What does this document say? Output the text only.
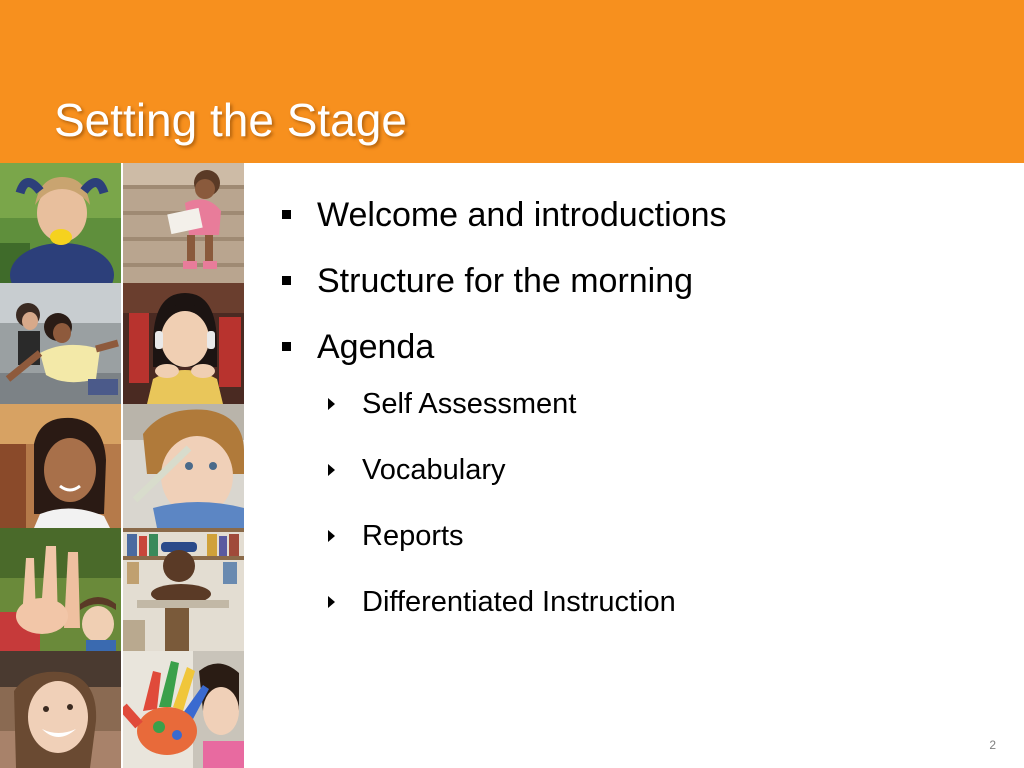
Setting the Stage
Welcome and introductions
Structure for the morning
Agenda
Self Assessment
Vocabulary
Reports
Differentiated Instruction
2
